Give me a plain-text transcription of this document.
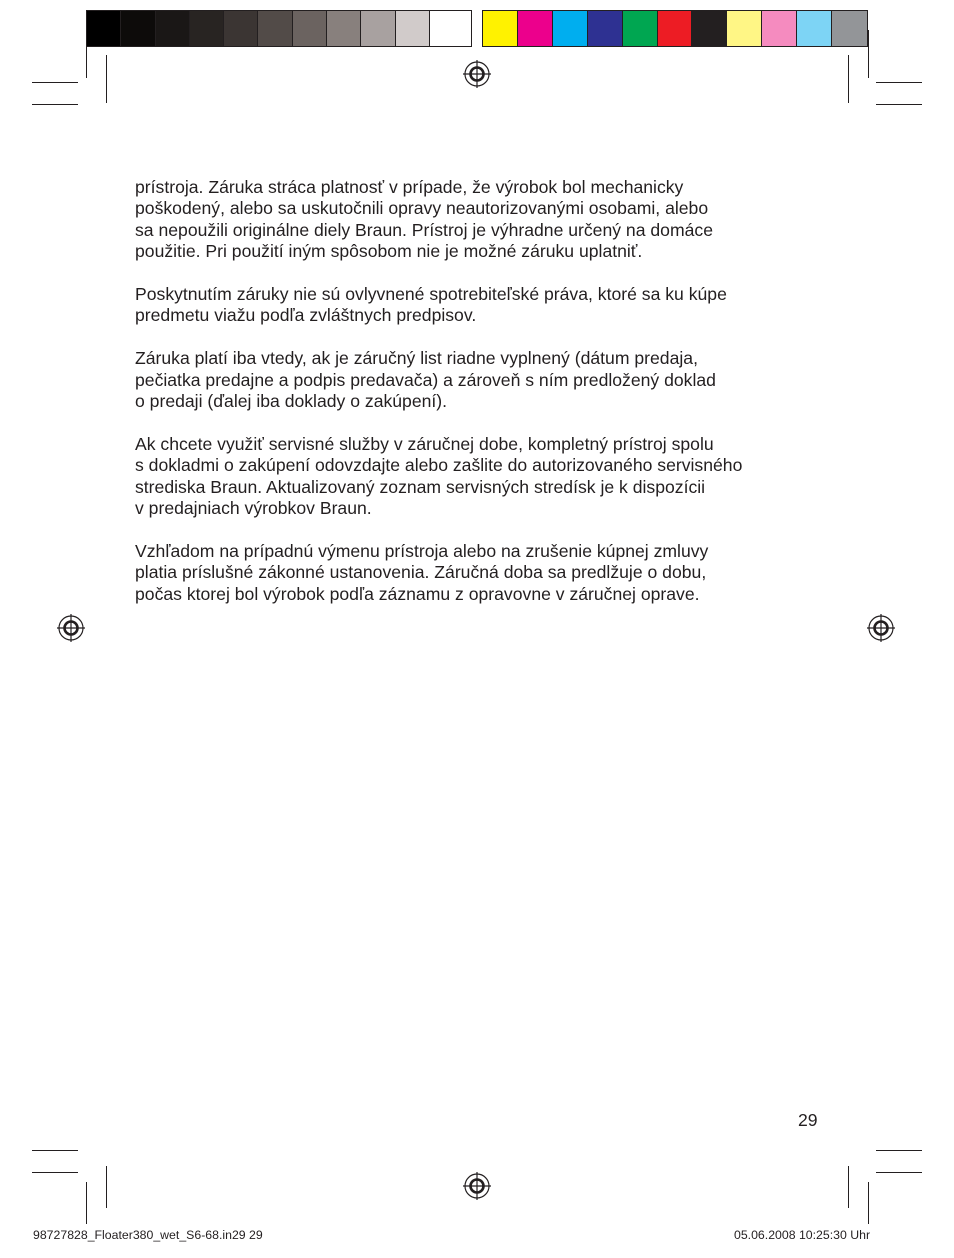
prístroja. Záruka stráca platnosť v prípade, že výrobok bol mechanicky
poškodený, alebo sa uskutočnili opravy neautorizovanými osobami, alebo
sa nepoužili originálne diely Braun. Prístroj je výhradne určený na domáce
použitie. Pri použití iným spôsobom nie je možné záruku uplatniť.

Poskytnutím záruky nie sú ovlyvnené spotrebiteľské práva, ktoré sa ku kúpe
predmetu viažu podľa zvláštnych predpisov.

Záruka platí iba vtedy, ak je záručný list riadne vyplnený (dátum predaja,
pečiatka predajne a podpis predavača) a zároveň s ním predložený doklad
o predaji (ďalej iba doklady o zakúpení).

Ak chcete využiť servisné služby v záručnej dobe, kompletný prístroj spolu
s dokladmi o zakúpení odovzdajte alebo zašlite do autorizovaného servisného
strediska Braun. Aktualizovaný zoznam servisných stredísk je k dispozícii
v predajniach výrobkov Braun.

Vzhľadom na prípadnú výmenu prístroja alebo na zrušenie kúpnej zmluvy
platia príslušné zákonné ustanovenia. Záručná doba sa predlžuje o dobu,
počas ktorej bol výrobok podľa záznamu z opravovne v záručnej oprave.

29
98727828_Floater380_wet_S6-68.in29 29	05.06.2008 10:25:30 Uhr
